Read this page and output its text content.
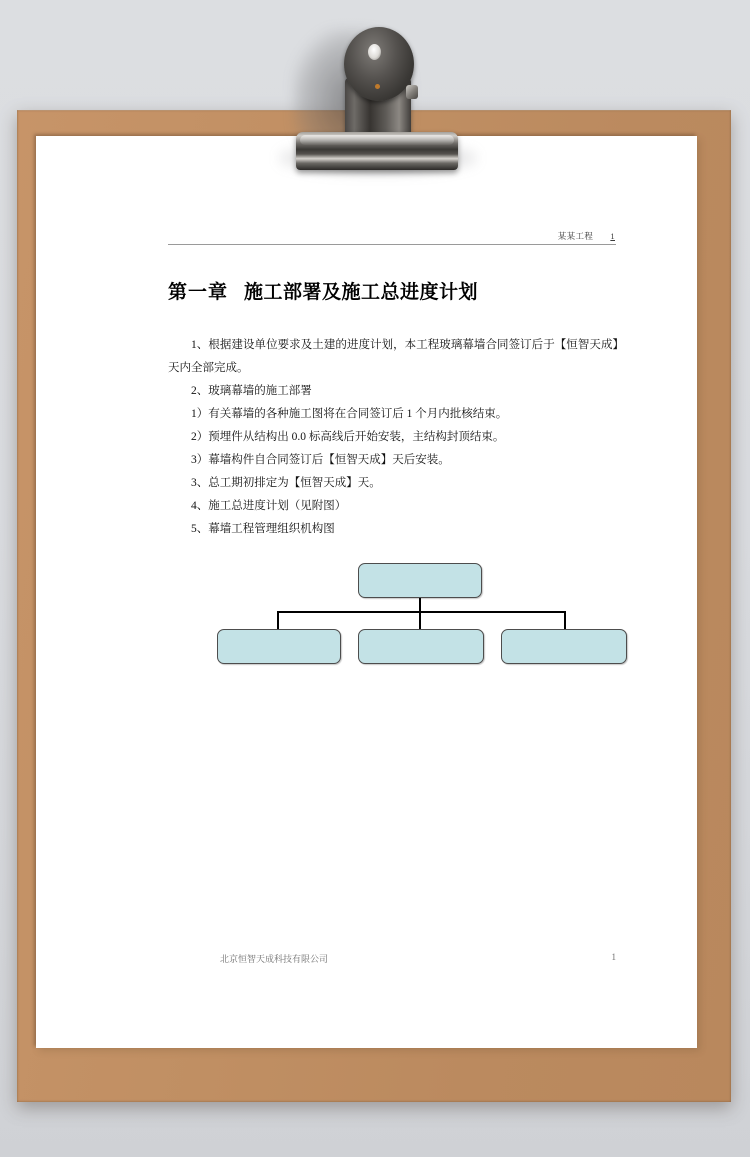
某某工程 1
第一章 施工部署及施工总进度计划

1、根据建设单位要求及土建的进度计划，本工程玻璃幕墙合同签订后于【恒智天成】天内全部完成。

2、玻璃幕墙的施工部署

1）有关幕墙的各种施工图将在合同签订后 1 个月内批核结束。

2）预埋件从结构出 0.0 标高线后开始安装，主结构封顶结束。

3）幕墙构件自合同签订后【恒智天成】天后安装。

3、总工期初排定为【恒智天成】天。

4、施工总进度计划（见附图）

5、幕墙工程管理组织机构图

北京恒智天成科技有限公司	1
